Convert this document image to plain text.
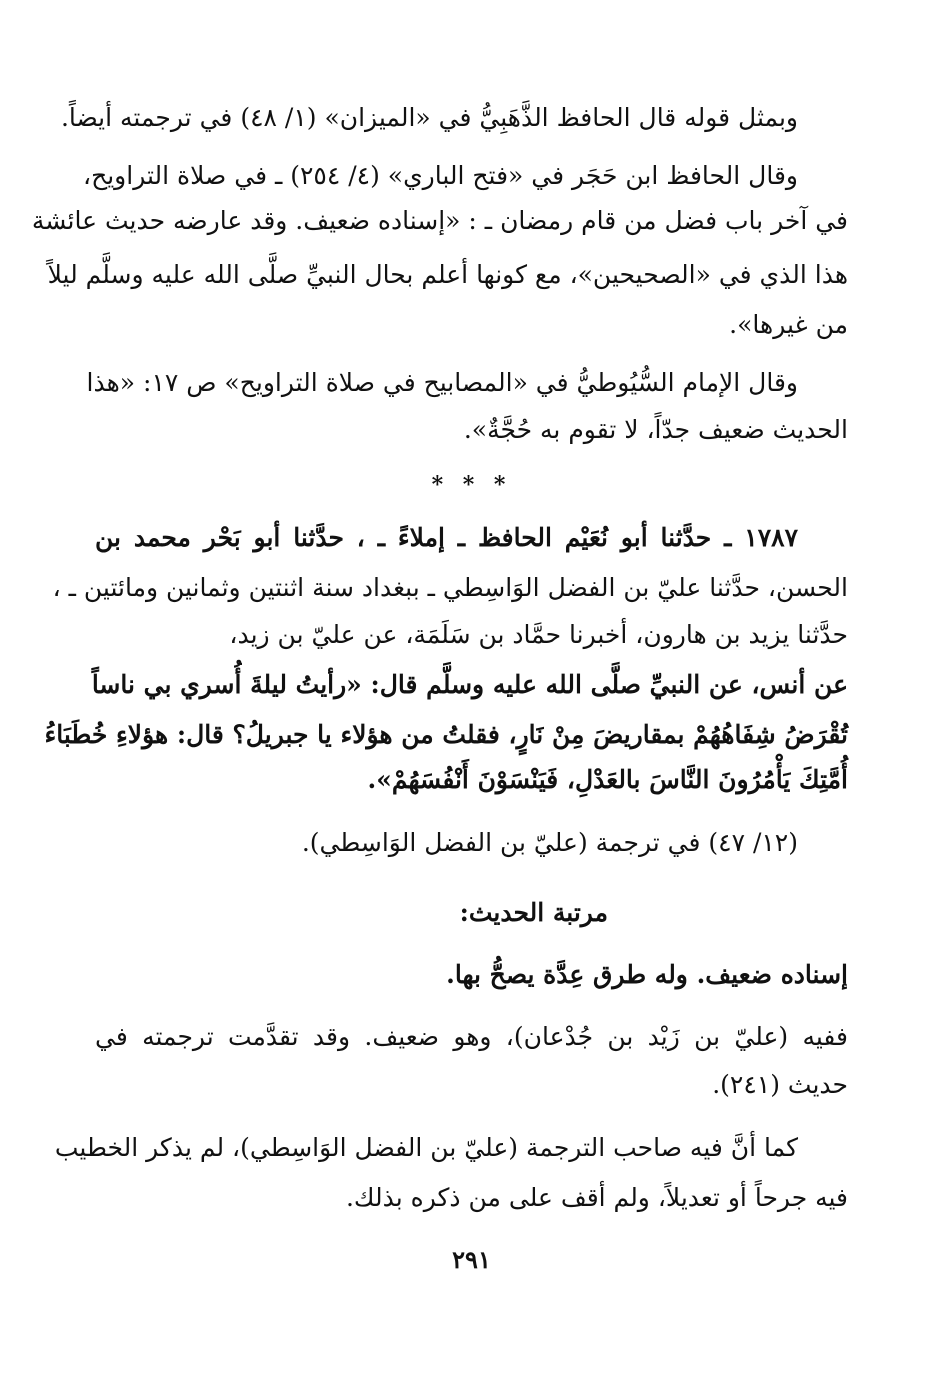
وبمثل قوله قال الحافظ الذَّهَبِيُّ في «الميزان» (١/ ٤٨) في ترجمته أيضاً.
وقال الحافظ ابن حَجَر في «فتح الباري» (٤/ ٢٥٤) ـ في صلاة التراويح،
في آخر باب فضل من قام رمضان ـ : «إسناده ضعيف. وقد عارضه حديث عائشة
هذا الذي في «الصحيحين»، مع كونها أعلم بحال النبيِّ صلَّى الله عليه وسلَّم ليلاً
من غيرها».
وقال الإمام السُّيُوطيُّ في «المصابيح في صلاة التراويح» ص ١٧: «هذا
الحديث ضعيف جدّاً، لا تقوم به حُجَّةٌ».
* * *
١٧٨٧ ـ حدَّثنا أبو نُعَيْم الحافظ ـ إملاءً ـ ، حدَّثنا أبو بَحْر محمد بن
الحسن، حدَّثنا عليّ بن الفضل الوَاسِطي ـ ببغداد سنة اثنتين وثمانين ومائتين ـ ،
حدَّثنا يزيد بن هارون، أخبرنا حمَّاد بن سَلَمَة، عن عليّ بن زيد،
عن أنس، عن النبيِّ صلَّى الله عليه وسلَّم قال: «رأيتُ ليلةَ أُسري بي ناساً
تُقْرَضُ شِفَاهُهُمْ بمقاريضَ مِنْ نَارٍ، فقلتُ من هؤلاء يا جبريلُ؟ قال: هؤلاءِ خُطَبَاءُ
أُمَّتِكَ يَأْمُرُونَ النَّاسَ بالعَدْلِ، فَيَنْسَوْنَ أَنْفُسَهُمْ».
(١٢/ ٤٧) في ترجمة (عليّ بن الفضل الوَاسِطي).
مرتبة الحديث:
إسناده ضعيف. وله طرق عِدَّة يصحُّ بها.
ففيه (عليّ بن زَيْد بن جُدْعان)، وهو ضعيف. وقد تقدَّمت ترجمته في
حديث (٢٤١).
كما أنَّ فيه صاحب الترجمة (عليّ بن الفضل الوَاسِطي)، لم يذكر الخطيب
فيه جرحاً أو تعديلاً، ولم أقف على من ذكره بذلك.
٢٩١
